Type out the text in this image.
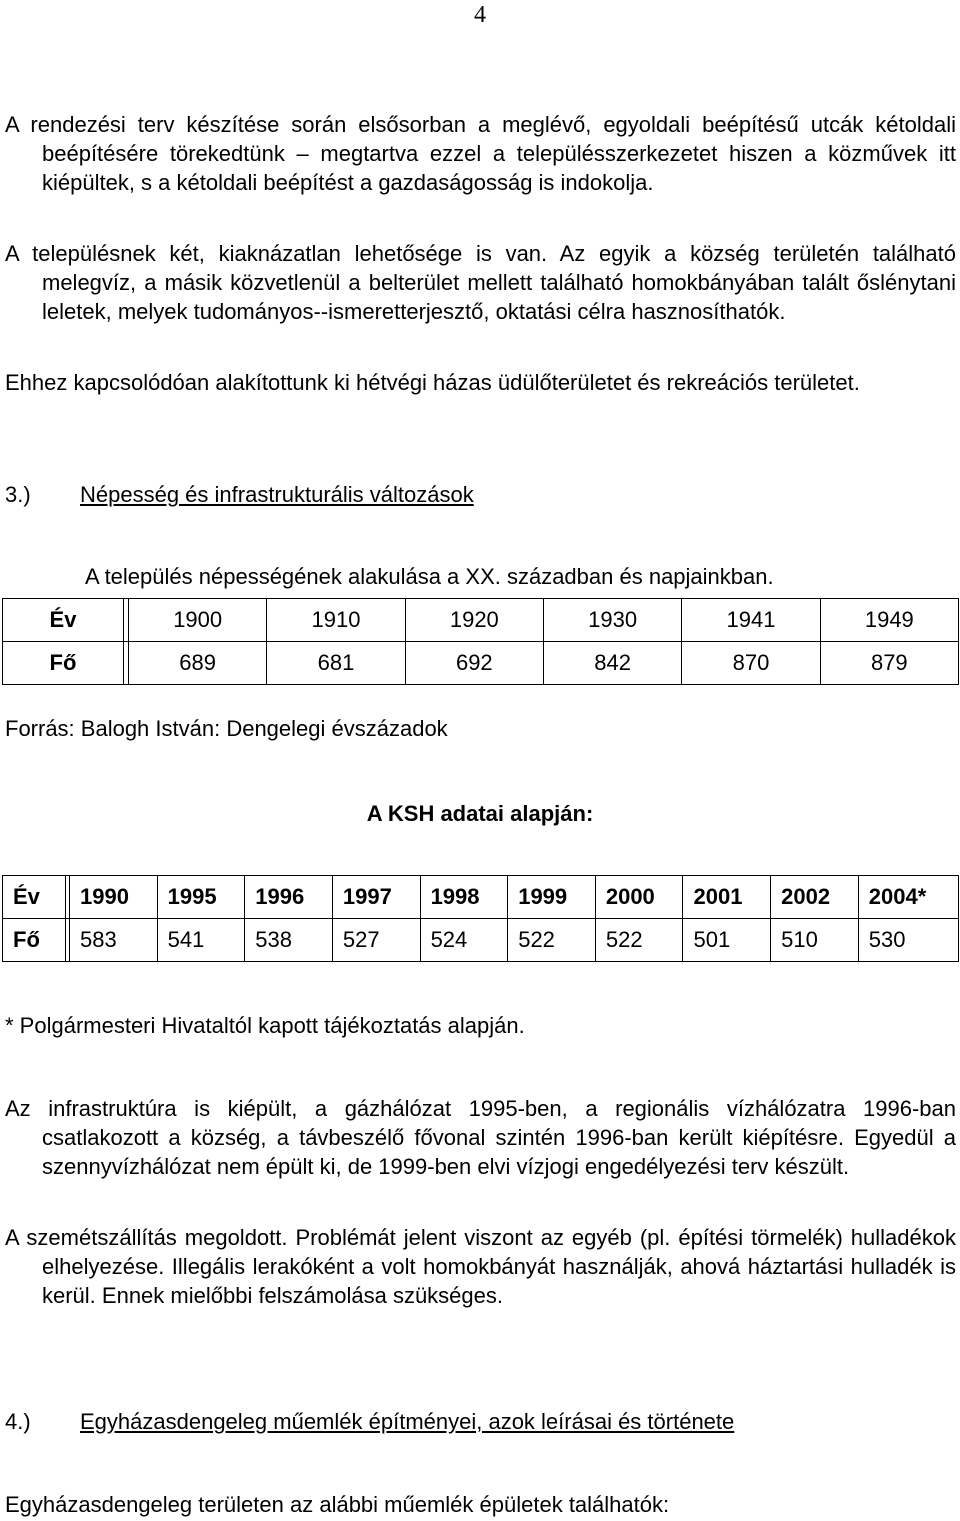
4
A rendezési terv készítése során elsősorban a meglévő, egyoldali beépítésű utcák kétoldali beépítésére törekedtünk – megtartva ezzel a településszerkezetet hiszen a közművek itt kiépültek, s a kétoldali beépítést a gazdaságosság is indokolja.
A településnek két, kiaknázatlan lehetősége is van. Az egyik a község területén található melegvíz, a másik közvetlenül a belterület mellett található homokbányában talált őslénytani leletek, melyek tudományos--ismeretterjesztő, oktatási célra hasznosíthatók.
Ehhez kapcsolódóan alakítottunk ki hétvégi házas üdülőterületet és rekreációs területet.
3.) Népesség és infrastrukturális változások
A település népességének alakulása a XX. században és napjainkban.
Év		1900	1910	1920	1930	1941	1949
Fő		689	681	692	842	870	879
Forrás: Balogh István: Dengelegi évszázadok
A KSH adatai alapján:
Év		1990	1995	1996	1997	1998	1999	2000	2001	2002	2004*
Fő		583	541	538	527	524	522	522	501	510	530
* Polgármesteri Hivataltól kapott tájékoztatás alapján.
Az infrastruktúra is kiépült, a gázhálózat 1995-ben, a regionális vízhálózatra 1996-ban csatlakozott a község, a távbeszélő fővonal szintén 1996-ban került kiépítésre. Egyedül a szennyvízhálózat nem épült ki, de 1999-ben elvi vízjogi engedélyezési terv készült.
A szemétszállítás megoldott. Problémát jelent viszont az egyéb (pl. építési törmelék) hulladékok elhelyezése. Illegális lerakóként a volt homokbányát használják, ahová háztartási hulladék is kerül. Ennek mielőbbi felszámolása szükséges.
4.) Egyházasdengeleg műemlék építményei, azok leírásai és története
Egyházasdengeleg területen az alábbi műemlék épületek találhatók:
